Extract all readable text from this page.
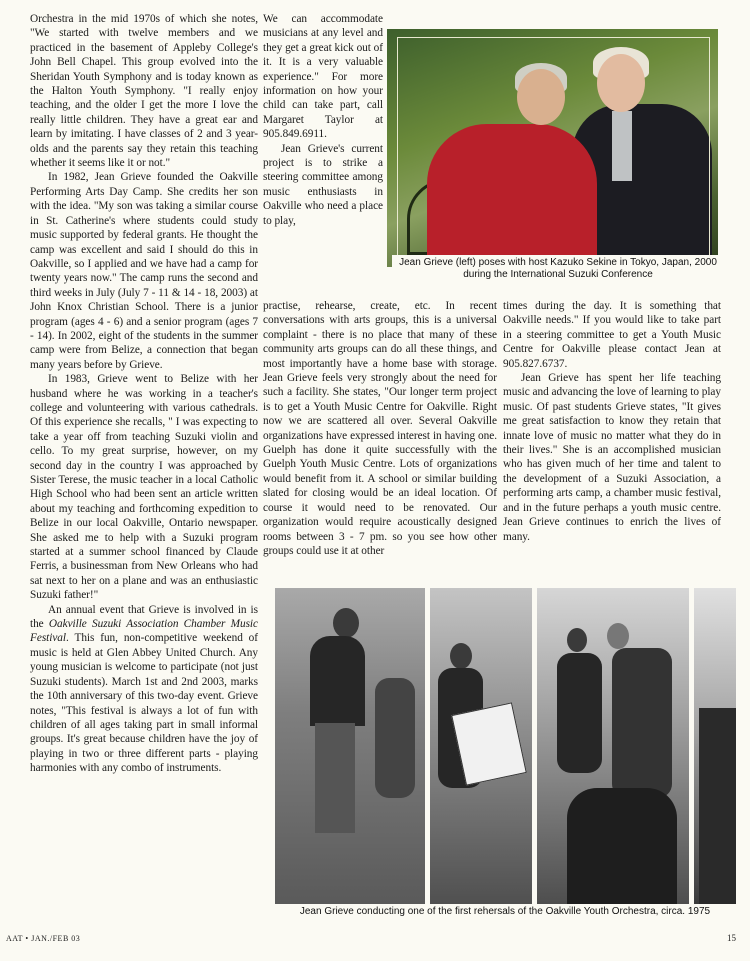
Orchestra in the mid 1970s of which she notes, "We started with twelve members and we practiced in the basement of Appleby College's John Bell Chapel. This group evolved into the Sheridan Youth Symphony and is today known as the Halton Youth Symphony. "I really enjoy teaching, and the older I get the more I love the really little children. They have a great ear and learn by imitating. I have classes of 2 and 3 year-olds and the parents say they retain this teaching whether it seems like it or not."

In 1982, Jean Grieve founded the Oakville Performing Arts Day Camp. She credits her son with the idea. "My son was taking a similar course in St. Catherine's where students could study music supported by federal grants. He thought the camp was excellent and said I should do this in Oakville, so I applied and we have had a camp for twenty years now." The camp runs the second and third weeks in July (July 7 - 11 & 14 - 18, 2003) at John Knox Christian School. There is a junior program (ages 4 - 6) and a senior program (ages 7 - 14). In 2002, eight of the students in the summer camp were from Belize, a connection that began many years before by Grieve.

In 1983, Grieve went to Belize with her husband where he was working in a teacher's college and volunteering with various cathedrals. Of this experience she recalls, " I was expecting to take a year off from teaching Suzuki violin and cello. To my great surprise, however, on my second day in the country I was approached by Sister Terese, the music teacher in a local Catholic High School who had been sent an article written about my teaching and forthcoming expedition to Belize in our local Oakville, Ontario newspaper. She asked me to help with a Suzuki program started at a summer school financed by Claude Ferris, a businessman from New Orleans who had sat next to her on a plane and was an enthusiastic Suzuki father!"

An annual event that Grieve is involved in is the Oakville Suzuki Association Chamber Music Festival. This fun, non-competitive weekend of music is held at Glen Abbey United Church. Any young musician is welcome to participate (not just Suzuki students). March 1st and 2nd 2003, marks the 10th anniversary of this two-day event. Grieve notes, "This festival is always a lot of fun with children of all ages taking part in small informal groups. It's great because children have the joy of playing in two or three different parts - playing harmonies with any combo of instruments.

We can accommodate musicians at any level and they get a great kick out of it. It is a very valuable experience." For more information on how your child can take part, call Margaret Taylor at 905.849.6911.

Jean Grieve's current project is to strike a steering committee among music enthusiasts in Oakville who need a place to play,

Jean Grieve (left) poses with host Kazuko Sekine in Tokyo, Japan, 2000 during the International Suzuki Conference

practise, rehearse, create, etc. In recent conversations with arts groups, this is a universal complaint - there is no place that many of these community arts groups can do all these things, and most importantly have a home base with storage. Jean Grieve feels very strongly about the need for such a facility. She states, "Our longer term project is to get a Youth Music Centre for Oakville. Right now we are scattered all over. Several Oakville organizations have expressed interest in having one. Guelph has done it quite successfully with the Guelph Youth Music Centre. Lots of organizations would benefit from it. A school or similar building slated for closing would be an ideal location. Of course it would need to be renovated. Our organization would require acoustically designed rooms between 3 - 7 pm. so you see how other groups could use it at other

times during the day. It is something that Oakville needs." If you would like to take part in a steering committee to get a Youth Music Centre for Oakville please contact Jean at 905.827.6737.

Jean Grieve has spent her life teaching music and advancing the love of learning to play music. Of past students Grieve states, "It gives me great satisfaction to know they retain that innate love of music no matter what they do in their lives." She is an accomplished musician who has given much of her time and talent to the development of a Suzuki Association, a performing arts camp, a chamber music festival, and in the future perhaps a youth music centre. Jean Grieve continues to enrich the lives of many.

Jean Grieve conducting one of the first rehersals of the Oakville Youth Orchestra, circa. 1975
AAT • JAN./FEB 03	15
